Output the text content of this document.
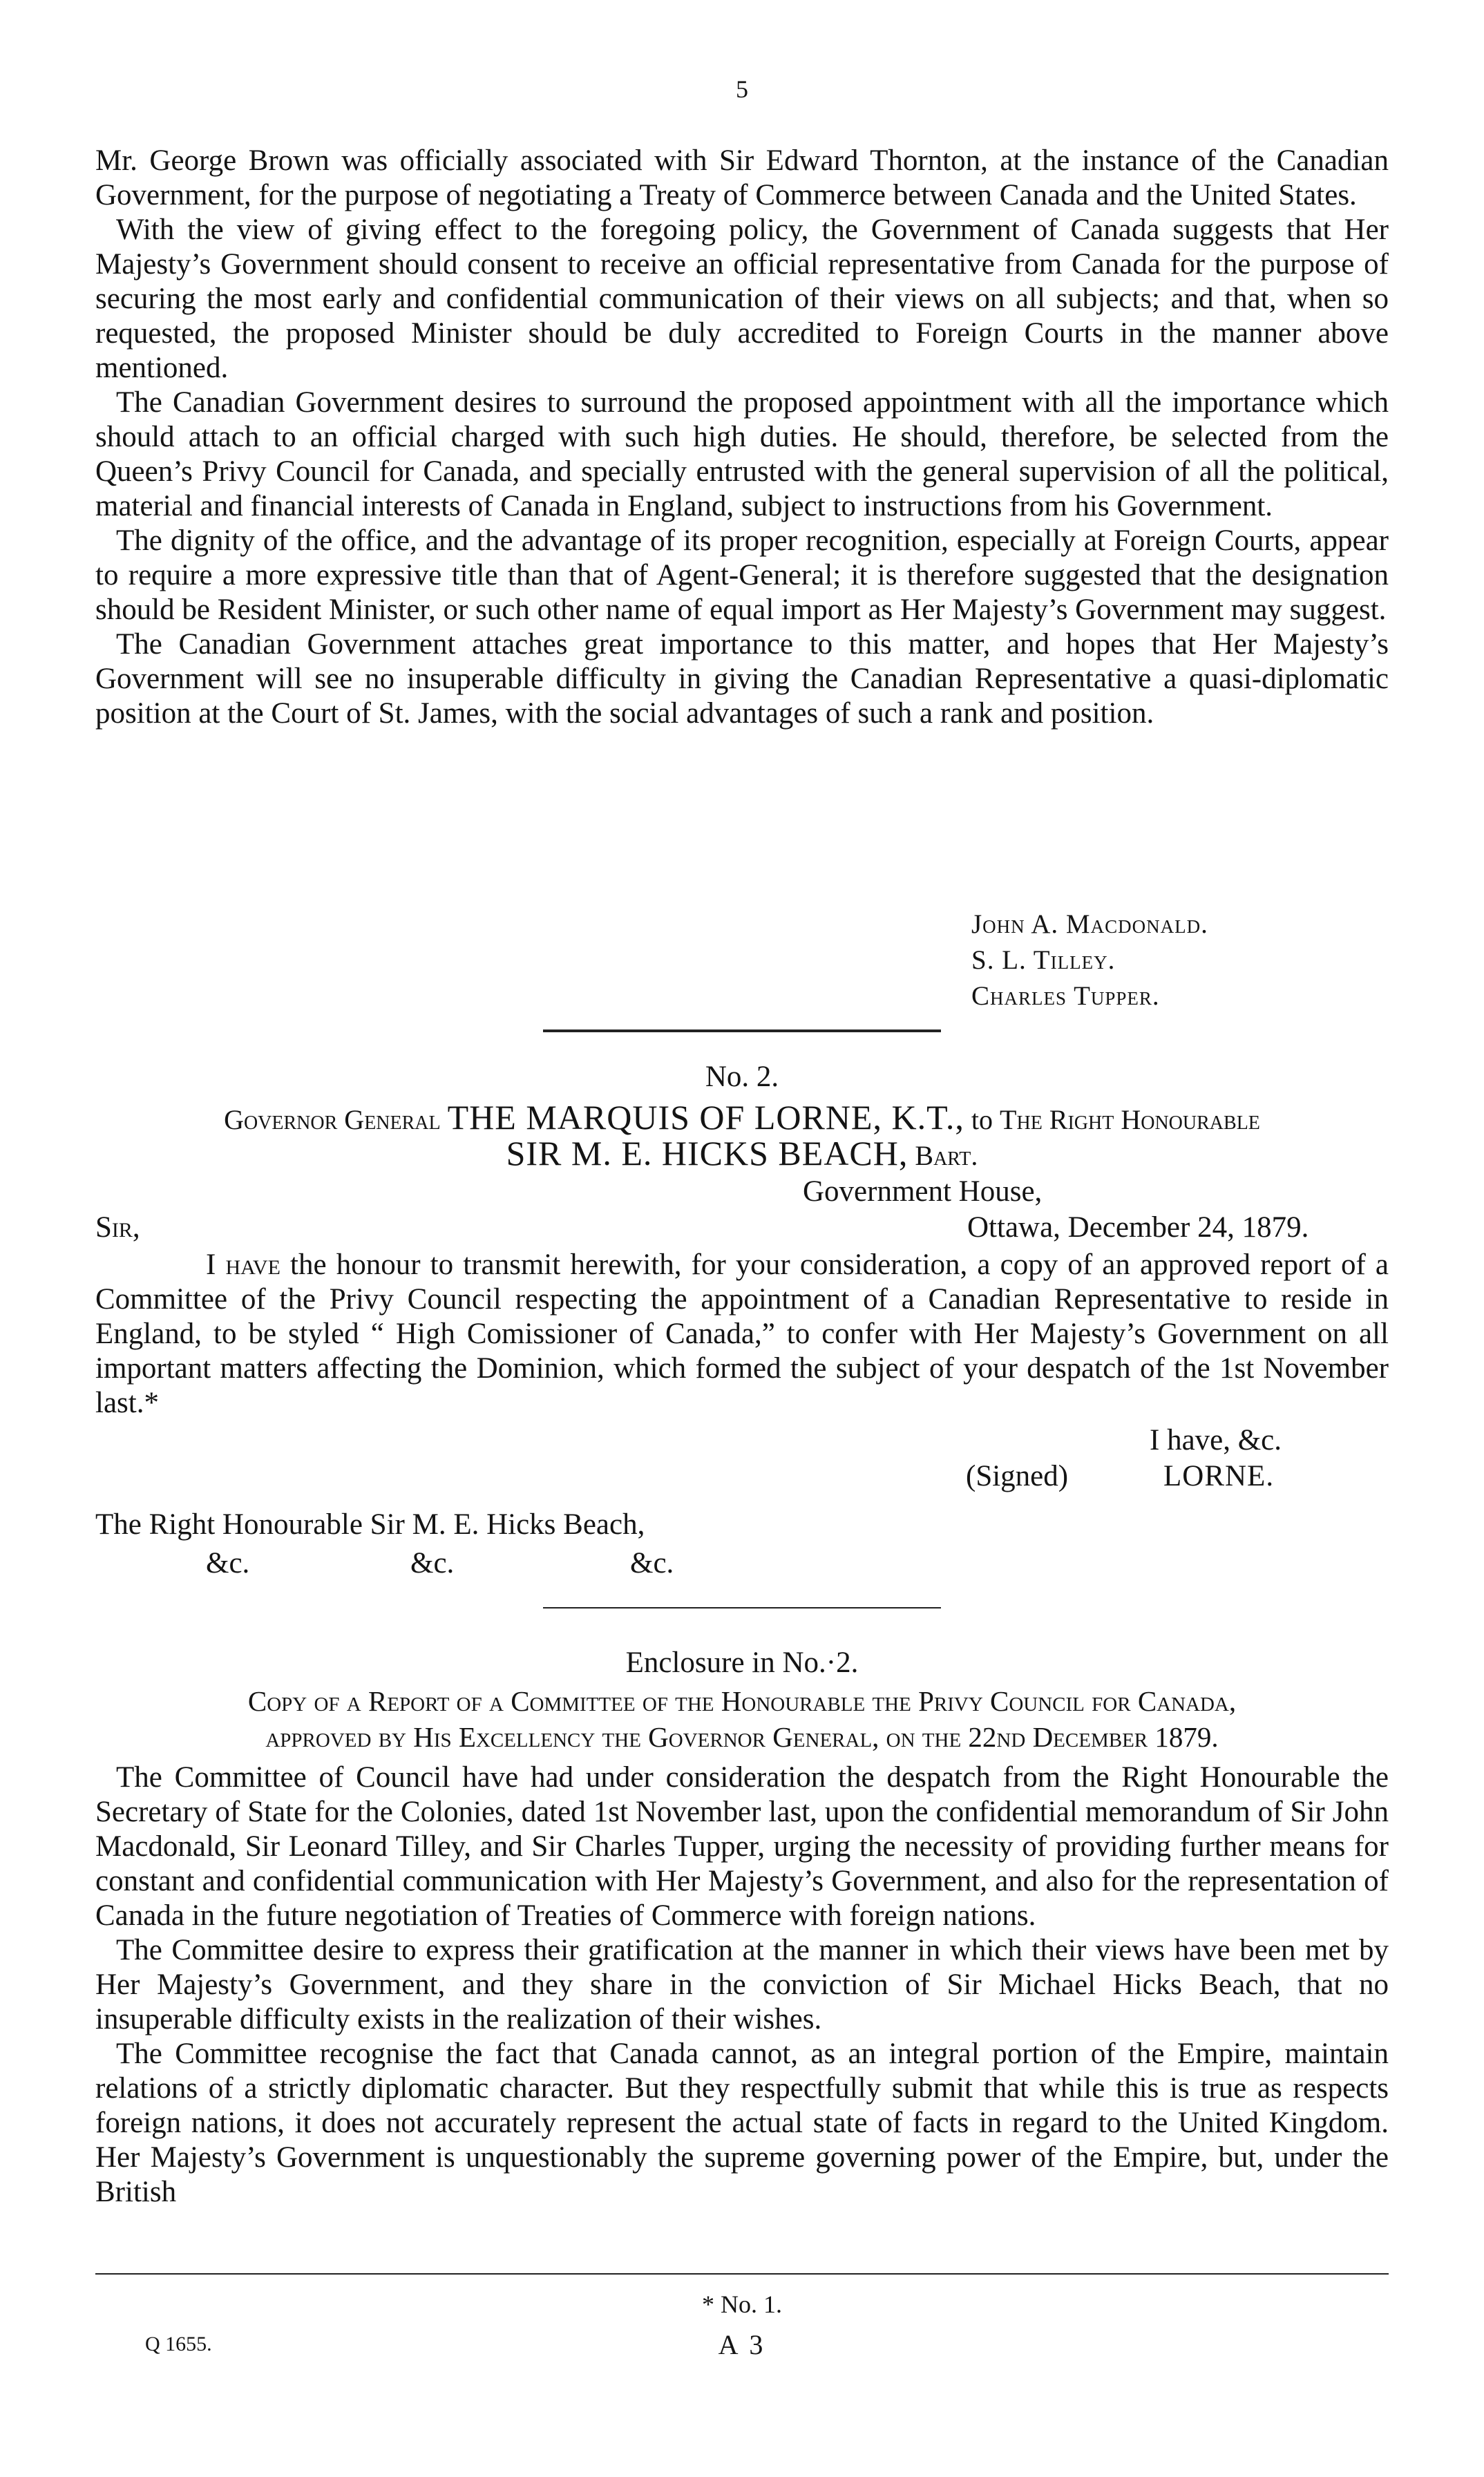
5

Mr. George Brown was officially associated with Sir Edward Thornton, at the instance of the Canadian Government, for the purpose of negotiating a Treaty of Commerce between Canada and the United States.

With the view of giving effect to the foregoing policy, the Government of Canada suggests that Her Majesty’s Government should consent to receive an official representative from Canada for the purpose of securing the most early and confidential communication of their views on all subjects; and that, when so requested, the proposed Minister should be duly accredited to Foreign Courts in the manner above mentioned.

The Canadian Government desires to surround the proposed appointment with all the importance which should attach to an official charged with such high duties. He should, therefore, be selected from the Queen’s Privy Council for Canada, and specially entrusted with the general supervision of all the political, material and financial interests of Canada in England, subject to instructions from his Government.

The dignity of the office, and the advantage of its proper recognition, especially at Foreign Courts, appear to require a more expressive title than that of Agent-General; it is therefore suggested that the designation should be Resident Minister, or such other name of equal import as Her Majesty’s Government may suggest.

The Canadian Government attaches great importance to this matter, and hopes that Her Majesty’s Government will see no insuperable difficulty in giving the Canadian Representative a quasi-diplomatic position at the Court of St. James, with the social advantages of such a rank and position.

John A. Macdonald.
S. L. Tilley.
Charles Tupper.
No. 2.
Governor General THE MARQUIS OF LORNE, K.T., to The Right Honourable
SIR M. E. HICKS BEACH, Bart.
Government House,
Sir,	Ottawa, December 24, 1879.

I have the honour to transmit herewith, for your consideration, a copy of an approved report of a Committee of the Privy Council respecting the appointment of a Canadian Representative to reside in England, to be styled “ High Comissioner of Canada,” to confer with Her Majesty’s Government on all important matters affecting the Dominion, which formed the subject of your despatch of the 1st November last.*

I have, &c.
(Signed)	LORNE.
The Right Honourable Sir M. E. Hicks Beach,
&c.	&c.	&c.
Enclosure in No.·2.
Copy of a Report of a Committee of the Honourable the Privy Council for Canada,
approved by His Excellency the Governor General, on the 22nd December 1879.

The Committee of Council have had under consideration the despatch from the Right Honourable the Secretary of State for the Colonies, dated 1st November last, upon the confidential memorandum of Sir John Macdonald, Sir Leonard Tilley, and Sir Charles Tupper, urging the necessity of providing further means for constant and confidential communication with Her Majesty’s Government, and also for the representation of Canada in the future negotiation of Treaties of Commerce with foreign nations.

The Committee desire to express their gratification at the manner in which their views have been met by Her Majesty’s Government, and they share in the conviction of Sir Michael Hicks Beach, that no insuperable difficulty exists in the realization of their wishes.

The Committee recognise the fact that Canada cannot, as an integral portion of the Empire, maintain relations of a strictly diplomatic character. But they respectfully submit that while this is true as respects foreign nations, it does not accurately represent the actual state of facts in regard to the United Kingdom. Her Majesty’s Government is unquestionably the supreme governing power of the Empire, but, under the British

* No. 1.
Q 1655.	A 3
